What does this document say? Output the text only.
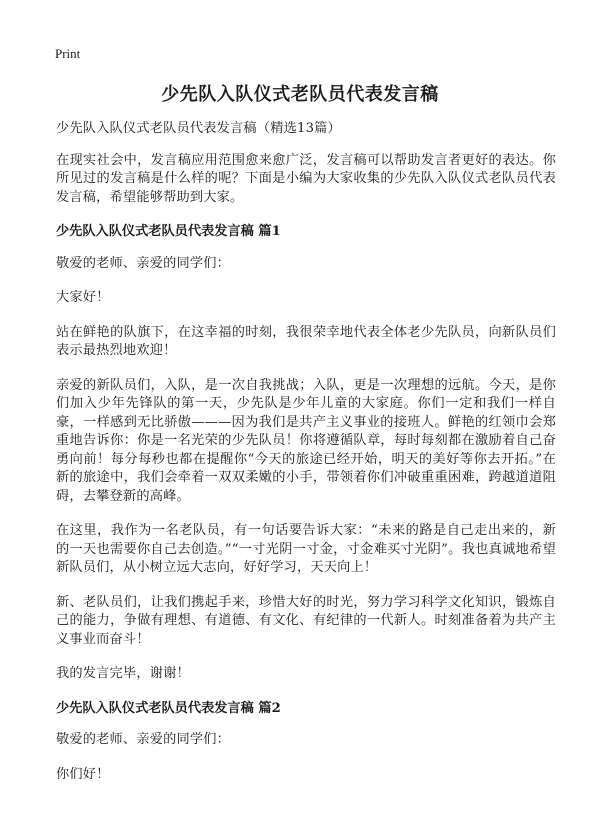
Print
少先队入队仪式老队员代表发言稿

少先队入队仪式老队员代表发言稿（精选13篇）

在现实社会中，发言稿应用范围愈来愈广泛，发言稿可以帮助发言者更好的表达。你所见过的发言稿是什么样的呢？下面是小编为大家收集的少先队入队仪式老队员代表发言稿，希望能够帮助到大家。

少先队入队仪式老队员代表发言稿 篇1

敬爱的老师、亲爱的同学们：

大家好！

站在鲜艳的队旗下，在这幸福的时刻，我很荣幸地代表全体老少先队员，向新队员们表示最热烈地欢迎！

亲爱的新队员们，入队，是一次自我挑战；入队，更是一次理想的远航。今天，是你们加入少年先锋队的第一天，少先队是少年儿童的大家庭。你们一定和我们一样自豪，一样感到无比骄傲———因为我们是共产主义事业的接班人。鲜艳的红领巾会郑重地告诉你：你是一名光荣的少先队员！你将遵循队章，每时每刻都在激励着自己奋勇向前！每分每秒也都在提醒你“今天的旅途已经开始，明天的美好等你去开拓。”在新的旅途中，我们会牵着一双双柔嫩的小手，带领着你们冲破重重困难，跨越道道阻碍，去攀登新的高峰。

在这里，我作为一名老队员，有一句话要告诉大家：“未来的路是自己走出来的，新的一天也需要你自己去创造。”“一寸光阴一寸金，寸金难买寸光阴”。我也真诚地希望新队员们，从小树立远大志向，好好学习，天天向上！

新、老队员们，让我们携起手来，珍惜大好的时光，努力学习科学文化知识，锻炼自己的能力，争做有理想、有道德、有文化、有纪律的一代新人。时刻准备着为共产主义事业而奋斗！

我的发言完毕，谢谢！

少先队入队仪式老队员代表发言稿 篇2

敬爱的老师、亲爱的同学们：

你们好！
